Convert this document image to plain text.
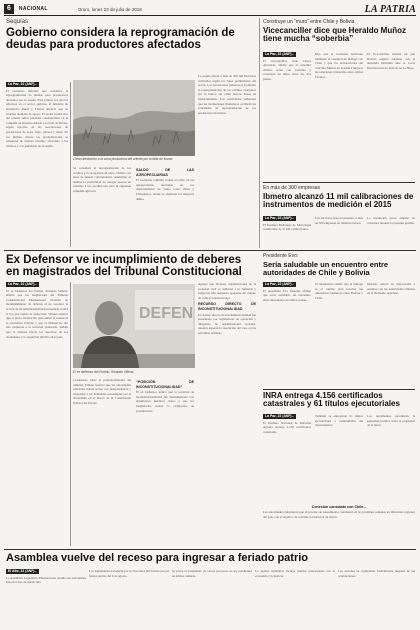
6	NACIONAL	Oruro, lunes 23 de julio de 2018	LA PATRIA
Sequías
Gobierno considera la reprogramación de deudas para productores afectados
La Paz, 22 (ANF).-
El Gobierno informó que considera la reprogramación de deudas para productores afectados por la sequía. Para reducir los efectos adversos en el sector agrícola, el ministro de Desarrollo Rural y Tierras anunció que se evalúan medidas de apoyo. El sector productivo del oriente sufrió pérdidas considerables en la campaña de invierno debido a la falta de lluvias, según reportes de las asociaciones de productores de soya, trigo, girasol y maíz. En los últimos meses las precipitaciones se redujeron de manera notable, afectando a los cultivos y a la ganadería de la región.
Cifran afectación a la zona productora del oriente por la falta de lluvias
Se considera la reprogramación de los créditos y la otorgación de otros créditos con tasas de interés concesionales. Asimismo se analiza la posibilidad de otorgar apoyos en semillas a los productores para la siguiente campaña agrícola.
SALDO DE LAS AGROPECUARIAS
El Gobierno también evalúa el saldo de las agropecuarias afectadas en los departamentos de Santa Cruz, Beni y Chuquisaca, donde se registran los mayores daños.
La sequía afectó a más de 300 mil hectáreas cultivadas según los datos preliminares del sector. Los productores pidieron al Gobierno la reprogramación de los créditos otorgados por la banca, así como nuevas líneas de financiamiento. Las autoridades señalaron que las instituciones financieras recibirán las solicitudes de reprogramación de los productores afectados.
Construye un “muro” entre Chile y Bolivia
Vicecanciller dice que Heraldo Muñoz tiene mucha “soberbia”
La Paz, 22 (ANF).-
El vicecanciller, Juan Carlos Alurralde, afirmó que el canciller chileno actúa con soberbia y construye un muro entre los dos países.
Dijo que el Gobierno boliviano mantiene la voluntad de diálogo con Chile y que las declaraciones del canciller Muñoz no ayudan a mejorar las relaciones bilaterales entre ambos Estados.
El vicecanciller insistió en que Bolivia seguirá adelante con la demanda marítima ante la Corte Internacional de Justicia de La Haya.
En más de 300 empresas
Ibmetro alcanzó 11 mil calibraciones de instrumentos de medición el 2015
La Paz, 22 (ANF).-
El Instituto Boliviano de Metrología realizó más de 11 mil calibraciones.
Los servicios fueron prestados a más de 300 empresas de distintos rubros.
La institución prevé ampliar su cobertura durante la presente gestión.
Ex Defensor ve incumplimiento de deberes en magistrados del Tribunal Constitucional
La Paz, 22 (ANF).-
El ex Defensor del Pueblo, Rolando Villena, afirmó que los magistrados del Tribunal Constitucional Plurinacional incurren en incumplimiento de deberes al no resolver la acción de inconstitucionalidad presentada contra la ley que regula la reelección. Villena explicó que el plazo establecido para emitir la sentencia se encuentra vencido y que el tribunal no dio una respuesta a la solicitud planteada. Señaló que la demora afecta los derechos de los ciudadanos y la seguridad jurídica en el país.
DEFEN
El ex defensor del Pueblo, Rolando Villena
Consultado sobre el pronunciamiento del tribunal, Villena sostuvo que las autoridades judiciales deben actuar con independencia y responder a las demandas presentadas por la ciudadanía en el marco de la Constitución Política del Estado.
“POSICIÓN DE INCONSTITUCIONALIDAD”
El ex Defensor indicó que la posición de inconstitucionalidad fue fundamentada con argumentos jurídicos claros y que los magistrados tienen la obligación de pronunciarse.
Agregó que diversas organizaciones de la sociedad civil se sumaron a la demanda y exigieron una respuesta oportuna del órgano de control constitucional.
RECURSO DIRECTO DE INCONSTITUCIONALIDAD
El recurso directo de inconstitucionalidad fue presentado por legisladores de oposición y dirigentes de organizaciones sociales, quienes esperan la resolución del caso en las próximas semanas.
Presidente Evo:
Sería saludable un encuentro entre autoridades de Chile y Bolivia
La Paz, 22 (ANF).-
El presidente Evo Morales afirmó que sería saludable un encuentro entre autoridades de ambos países.
El mandatario señaló que el diálogo es el camino para resolver las diferencias históricas entre Bolivia y Chile.
Morales reiteró su disposición a reunirse con las autoridades chilenas en el momento oportuno.
INRA entrega 4.156 certificados catastrales y 61 títulos ejecutoriales
La Paz, 22 (ANF).-
El Instituto Nacional de Reforma Agraria entregó 4.156 certificados catastrales.
También se entregaron 61 títulos ejecutoriales a comunidades del departamento.
Los documentos garantizan la seguridad jurídica sobre la propiedad de la tierra.
Conexión constante con Chile...
Las autoridades informaron que el proceso de saneamiento continuará en las próximas semanas en diferentes regiones del país, con el objetivo de concluir la titulación de tierras.
Asamblea vuelve del receso para ingresar a feriado patrio
El Alto, 22 (ANF).-
La Asamblea Legislativa Plurinacional retoma sus actividades tras el receso de medio año.
Los legisladores trabajarán pocos días antes del feriado por las fiestas patrias del 6 de agosto.
Se prevé el tratamiento de varios proyectos de ley pendientes en ambas cámaras.
La agenda legislativa incluye normas relacionadas con la economía y la justicia.
Las sesiones se reanudarán formalmente después de las celebraciones.
